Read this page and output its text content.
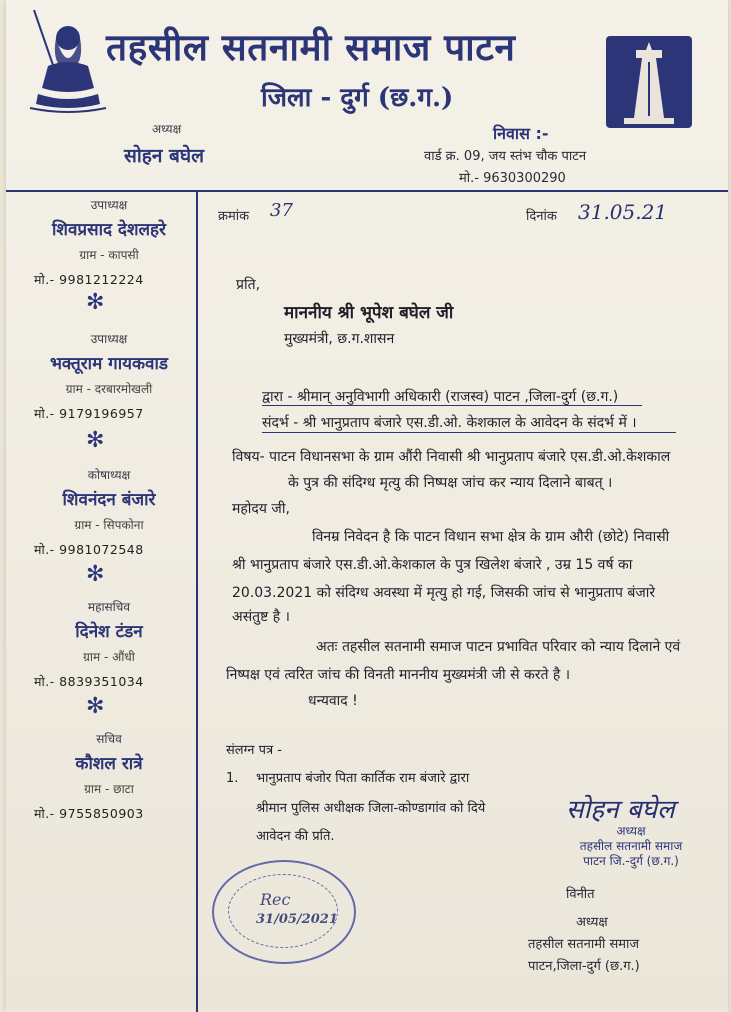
तहसील सतनामी समाज पाटन
जिला - दुर्ग (छ.ग.)
अध्यक्ष
सोहन बघेल
निवास :-
वार्ड क्र. 09, जय स्तंभ चौक पाटन
मो.- 9630300290
उपाध्यक्ष
शिवप्रसाद देशलहरे
ग्राम - कापसी
मो.- 9981212224
✻
उपाध्यक्ष
भक्तूराम गायकवाड
ग्राम - दरबारमोखली
मो.- 9179196957
✻
कोषाध्यक्ष
शिवनंदन बंजारे
ग्राम - सिपकोना
मो.- 9981072548
✻
महासचिव
दिनेश टंडन
ग्राम - औंधी
मो.- 8839351034
✻
सचिव
कौशल रात्रे
ग्राम - छाटा
मो.- 9755850903
क्रमांक 37	दिनांक 31.05.21
प्रति,
माननीय श्री भूपेश बघेल जी
मुख्यमंत्री, छ.ग.शासन
द्वारा - श्रीमान् अनुविभागी अधिकारी (राजस्व) पाटन ,जिला-दुर्ग (छ.ग.)
संदर्भ - श्री भानुप्रताप बंजारे एस.डी.ओ. केशकाल के आवेदन के संदर्भ में ।
विषय- पाटन विधानसभा के ग्राम औंरी निवासी श्री भानुप्रताप बंजारे एस.डी.ओ.केशकाल
के पुत्र की संदिग्ध मृत्यु की निष्पक्ष जांच कर न्याय दिलाने बाबत् ।
महोदय जी,
विनम्र निवेदन है कि पाटन विधान सभा क्षेत्र के ग्राम औरी (छोटे) निवासी
श्री भानुप्रताप बंजारे एस.डी.ओ.केशकाल के पुत्र खिलेश बंजारे , उम्र 15 वर्ष का
20.03.2021 को संदिग्ध अवस्था में मृत्यु हो गई, जिसकी जांच से भानुप्रताप बंजारे
असंतुष्ट है ।
अतः तहसील सतनामी समाज पाटन प्रभावित परिवार को न्याय दिलाने एवं
निष्पक्ष एवं त्वरित जांच की विनती माननीय मुख्यमंत्री जी से करते है ।
धन्यवाद !
संलग्न पत्र -
1. भानुप्रताप बंजोर पिता कार्तिक राम बंजारे द्वारा
श्रीमान पुलिस अधीक्षक जिला-कोण्डागांव को दिये
आवेदन की प्रति.
सोहन बघेल
अध्यक्ष
तहसील सतनामी समाज
पाटन जि.-दुर्ग (छ.ग.)
विनीत
अध्यक्ष
तहसील सतनामी समाज
पाटन,जिला-दुर्ग (छ.ग.)
Rec
31/05/2021
